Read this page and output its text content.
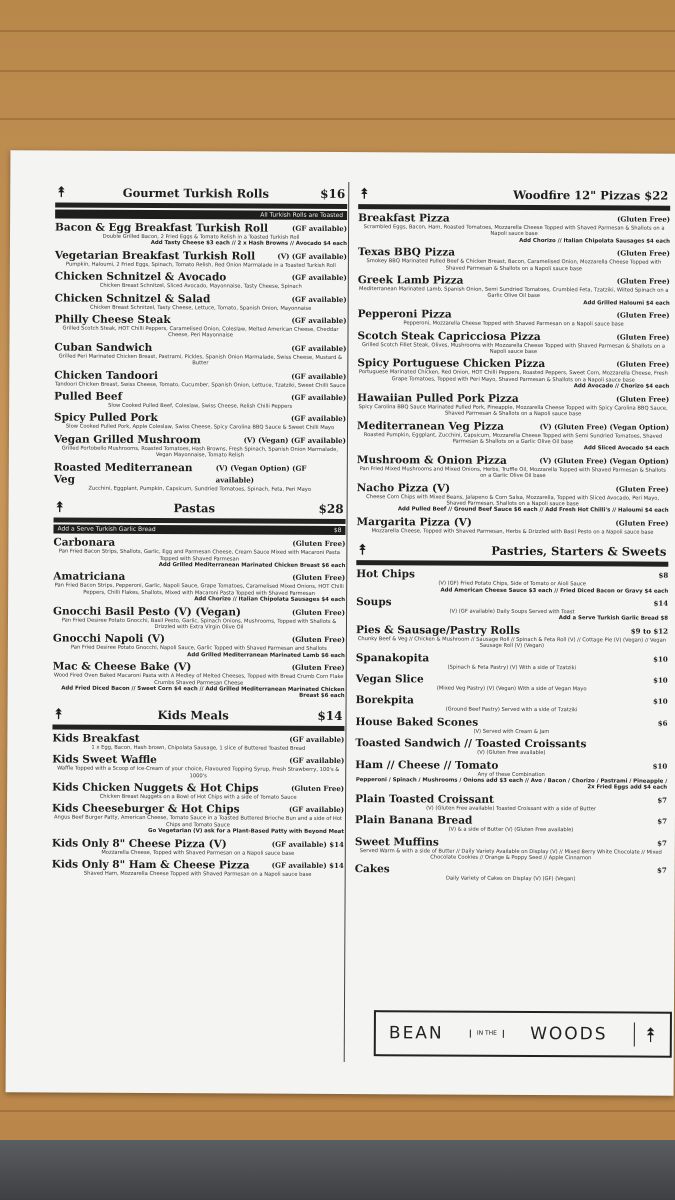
⯭	Gourmet Turkish Rolls	$16
All Turkish Rolls are Toasted
Bacon & Egg Breakfast Turkish Roll	(GF available)
Double Grilled Bacon, 2 Fried Eggs & Tomato Relish in a Toasted Turkish Roll
Add Tasty Cheese $3 each // 2 x Hash Browns // Avocado $4 each
Vegetarian Breakfast Turkish Roll	(V) (GF available)
Pumpkin, Haloumi, 2 Fried Eggs, Spinach, Tomato Relish, Red Onion Marmalade in a Toasted Turkish Roll
Chicken Schnitzel & Avocado	(GF available)
Chicken Breast Schnitzel, Sliced Avocado, Mayonnaise, Tasty Cheese, Spinach
Chicken Schnitzel & Salad	(GF available)
Chicken Breast Schnitzel, Tasty Cheese, Lettuce, Tomato, Spanish Onion, Mayonnaise
Philly Cheese Steak	(GF available)
Grilled Scotch Steak, HOT Chilli Peppers, Caramelised Onion, Coleslaw, Melted American Cheese, Cheddar Cheese, Peri Mayonnaise
Cuban Sandwich	(GF available)
Grilled Peri Marinated Chicken Breast, Pastrami, Pickles, Spanish Onion Marmalade, Swiss Cheese, Mustard & Butter
Chicken Tandoori	(GF available)
Tandoori Chicken Breast, Swiss Cheese, Tomato, Cucumber, Spanish Onion, Lettuce, Tzatziki, Sweet Chilli Sauce
Pulled Beef	(GF available)
Slow Cooked Pulled Beef, Coleslaw, Swiss Cheese, Relish Chilli Peppers
Spicy Pulled Pork	(GF available)
Slow Cooked Pulled Pork, Apple Coleslaw, Swiss Cheese, Spicy Carolina BBQ Sauce & Sweet Chilli Mayo
Vegan Grilled Mushroom	(V) (Vegan) (GF available)
Grilled Portobello Mushrooms, Roasted Tomatoes, Hash Browns, Fresh Spinach, Spanish Onion Marmalade, Vegan Mayonnaise, Tomato Relish
Roasted Mediterranean Veg
(V) (Vegan Option) (GF available)
Zucchini, Eggplant, Pumpkin, Capsicum, Sundried Tomatoes, Spinach, Feta, Peri Mayo
⯭	Pastas	$28
Add a Serve Turkish Garlic Bread	$8
Carbonara	(Gluten Free)
Pan Fried Bacon Strips, Shallots, Garlic, Egg and Parmesan Cheese, Cream Sauce Mixed with Macaroni Pasta Topped with Shaved Parmesan
Add Grilled Mediterranean Marinated Chicken Breast $6 each
Amatriciana	(Gluten Free)
Pan Fried Bacon Strips, Pepperoni, Garlic, Napoli Sauce, Grape Tomatoes, Caramelised Mixed Onions, HOT Chilli Peppers, Chilli Flakes, Shallots, Mixed with Macaroni Pasta Topped with Shaved Parmesan
Add Chorizo // Italian Chipolata Sausages $4 each
Gnocchi Basil Pesto (V) (Vegan)	(Gluten Free)
Pan Fried Desiree Potato Gnocchi, Basil Pesto, Garlic, Spinach Onions, Mushrooms, Topped with Shallots & Drizzled with Extra Virgin Olive Oil
Gnocchi Napoli (V)	(Gluten Free)
Pan Fried Desiree Potato Gnocchi, Napoli Sauce, Garlic Topped with Shaved Parmesan and Shallots
Add Grilled Mediterranean Marinated Lamb $6 each
Mac & Cheese Bake (V)	(Gluten Free)
Wood Fired Oven Baked Macaroni Pasta with A Medley of Melted Cheeses, Topped with Bread Crumb Corn Flake Crumbs Shaved Parmesan Cheese
Add Fried Diced Bacon // Sweet Corn $4 each // Add Grilled Mediterranean Marinated Chicken Breast $6 each
⯭	Kids Meals	$14
Kids Breakfast	(GF available)
1 x Egg, Bacon, Hash brown, Chipolata Sausage, 1 slice of Buttered Toasted Bread
Kids Sweet Waffle	(GF available)
Waffle Topped with a Scoop of Ice-Cream of your choice, Flavoured Topping Syrup, Fresh Strawberry, 100's & 1000's
Kids Chicken Nuggets & Hot Chips	(Gluten Free)
Chicken Breast Nuggets on a Bowl of Hot Chips with a side of Tomato Sauce
Kids Cheeseburger & Hot Chips	(GF available)
Angus Beef Burger Patty, American Cheese, Tomato Sauce in a Toasted Buttered Brioche Bun and a side of Hot Chips and Tomato Sauce
Go Vegetarian (V) ask for a Plant-Based Patty with Beyond Meat
Kids Only 8" Cheese Pizza (V)	(GF available) $14
Mozzarella Cheese, Topped with Shaved Parmesan on a Napoli sauce base
Kids Only 8" Ham & Cheese Pizza	(GF available) $14
Shaved Ham, Mozzarella Cheese Topped with Shaved Parmesan on a Napoli sauce base
⯭	Woodfire 12" Pizzas $22
Breakfast Pizza	(Gluten Free)
Scrambled Eggs, Bacon, Ham, Roasted Tomatoes, Mozzarella Cheese Topped with Shaved Parmesan & Shallots on a Napoli sauce base
Add Chorizo // Italian Chipolata Sausages $4 each
Texas BBQ Pizza	(Gluten Free)
Smokey BBQ Marinated Pulled Beef & Chicken Breast, Bacon, Caramelised Onion, Mozzarella Cheese Topped with Shaved Parmesan & Shallots on a Napoli sauce base
Greek Lamb Pizza	(Gluten Free)
Mediterranean Marinated Lamb, Spanish Onion, Semi Sundried Tomatoes, Crumbled Feta, Tzatziki, Wilted Spinach on a Garlic Olive Oil base
Add Grilled Haloumi $4 each
Pepperoni Pizza	(Gluten Free)
Pepperoni, Mozzarella Cheese Topped with Shaved Parmesan on a Napoli sauce base
Scotch Steak Capricciosa Pizza	(Gluten Free)
Grilled Scotch Fillet Steak, Olives, Mushrooms with Mozzarella Cheese Topped with Shaved Parmesan & Shallots on a Napoli sauce base
Spicy Portuguese Chicken Pizza	(Gluten Free)
Portuguese Marinated Chicken, Red Onion, HOT Chilli Peppers, Roasted Peppers, Sweet Corn, Mozzarella Cheese, Fresh Grape Tomatoes, Topped with Peri Mayo, Shaved Parmesan & Shallots on a Napoli sauce base
Add Avocado // Chorizo $4 each
Hawaiian Pulled Pork Pizza	(Gluten Free)
Spicy Carolina BBQ Sauce Marinated Pulled Pork, Pineapple, Mozzarella Cheese Topped with Spicy Carolina BBQ Sauce, Shaved Parmesan & Shallots on a Napoli sauce base
Mediterranean Veg Pizza	(V) (Gluten Free) (Vegan Option)
Roasted Pumpkin, Eggplant, Zucchini, Capsicum, Mozzarella Cheese Topped with Semi Sundried Tomatoes, Shaved Parmesan & Shallots on a Garlic Olive Oil base
Add Sliced Avocado $4 each
Mushroom & Onion Pizza	(V) (Gluten Free) (Vegan Option)
Pan Fried Mixed Mushrooms and Mixed Onions, Herbs, Truffle Oil, Mozzarella Topped with Shaved Parmesan & Shallots on a Garlic Olive Oil base
Nacho Pizza (V)	(Gluten Free)
Cheese Corn Chips with Mixed Beans, Jalapeno & Corn Salsa, Mozzarella, Topped with Sliced Avocado, Peri Mayo, Shaved Parmesan, Shallots on a Napoli sauce base
Add Pulled Beef // Ground Beef Sauce $6 each // Add Fresh Hot Chilli's // Haloumi $4 each
Margarita Pizza (V)	(Gluten Free)
Mozzarella Cheese, Topped with Shaved Parmesan, Herbs & Drizzled with Basil Pesto on a Napoli sauce base
⯭	Pastries, Starters & Sweets
Hot Chips	$8
(V) (GF) Fried Potato Chips, Side of Tomato or Aioli Sauce
Add American Cheese Sauce $3 each // Fried Diced Bacon or Gravy $4 each
Soups	$14
(V) (GF available) Daily Soups Served with Toast
Add a Serve Turkish Garlic Bread $8
Pies & Sausage/Pastry Rolls	$9 to $12
Chunky Beef & Veg // Chicken & Mushroom // Sausage Roll // Spinach & Feta Roll (V) // Cottage Pie (V) (Vegan) // Vegan Sausage Roll (V) (Vegan)
Spanakopita	$10
(Spinach & Feta Pastry) (V) With a side of Tzatziki
Vegan Slice	$10
(Mixed Veg Pastry) (V) (Vegan) With a side of Vegan Mayo
Borekpita	$10
(Ground Beef Pastry) Served with a side of Tzatziki
House Baked Scones	$6
(V) Served with Cream & Jam
Toasted Sandwich // Toasted Croissants
(V) (Gluten Free available)
Ham // Cheese // Tomato	$10
Any of these Combination
Pepperoni / Spinach / Mushrooms / Onions add $3 each // Avo / Bacon / Chorizo / Pastrami / Pineapple / 2x Fried Eggs add $4 each
Plain Toasted Croissant	$7
(V) (Gluten Free available) Toasted Croissant with a side of Butter
Plain Banana Bread	$7
(V) & a side of Butter (V) (Gluten Free available)
Sweet Muffins	$7
Served Warm & with a side of Butter // Daily Variety Available on Display (V) // Mixed Berry White Chocolate // Mixed Chocolate Cookies // Orange & Poppy Seed // Apple Cinnamon
Cakes	$7
Daily Variety of Cakes on Display (V) (GF) (Vegan)
BEAN	IN THE	WOODS	⯭
